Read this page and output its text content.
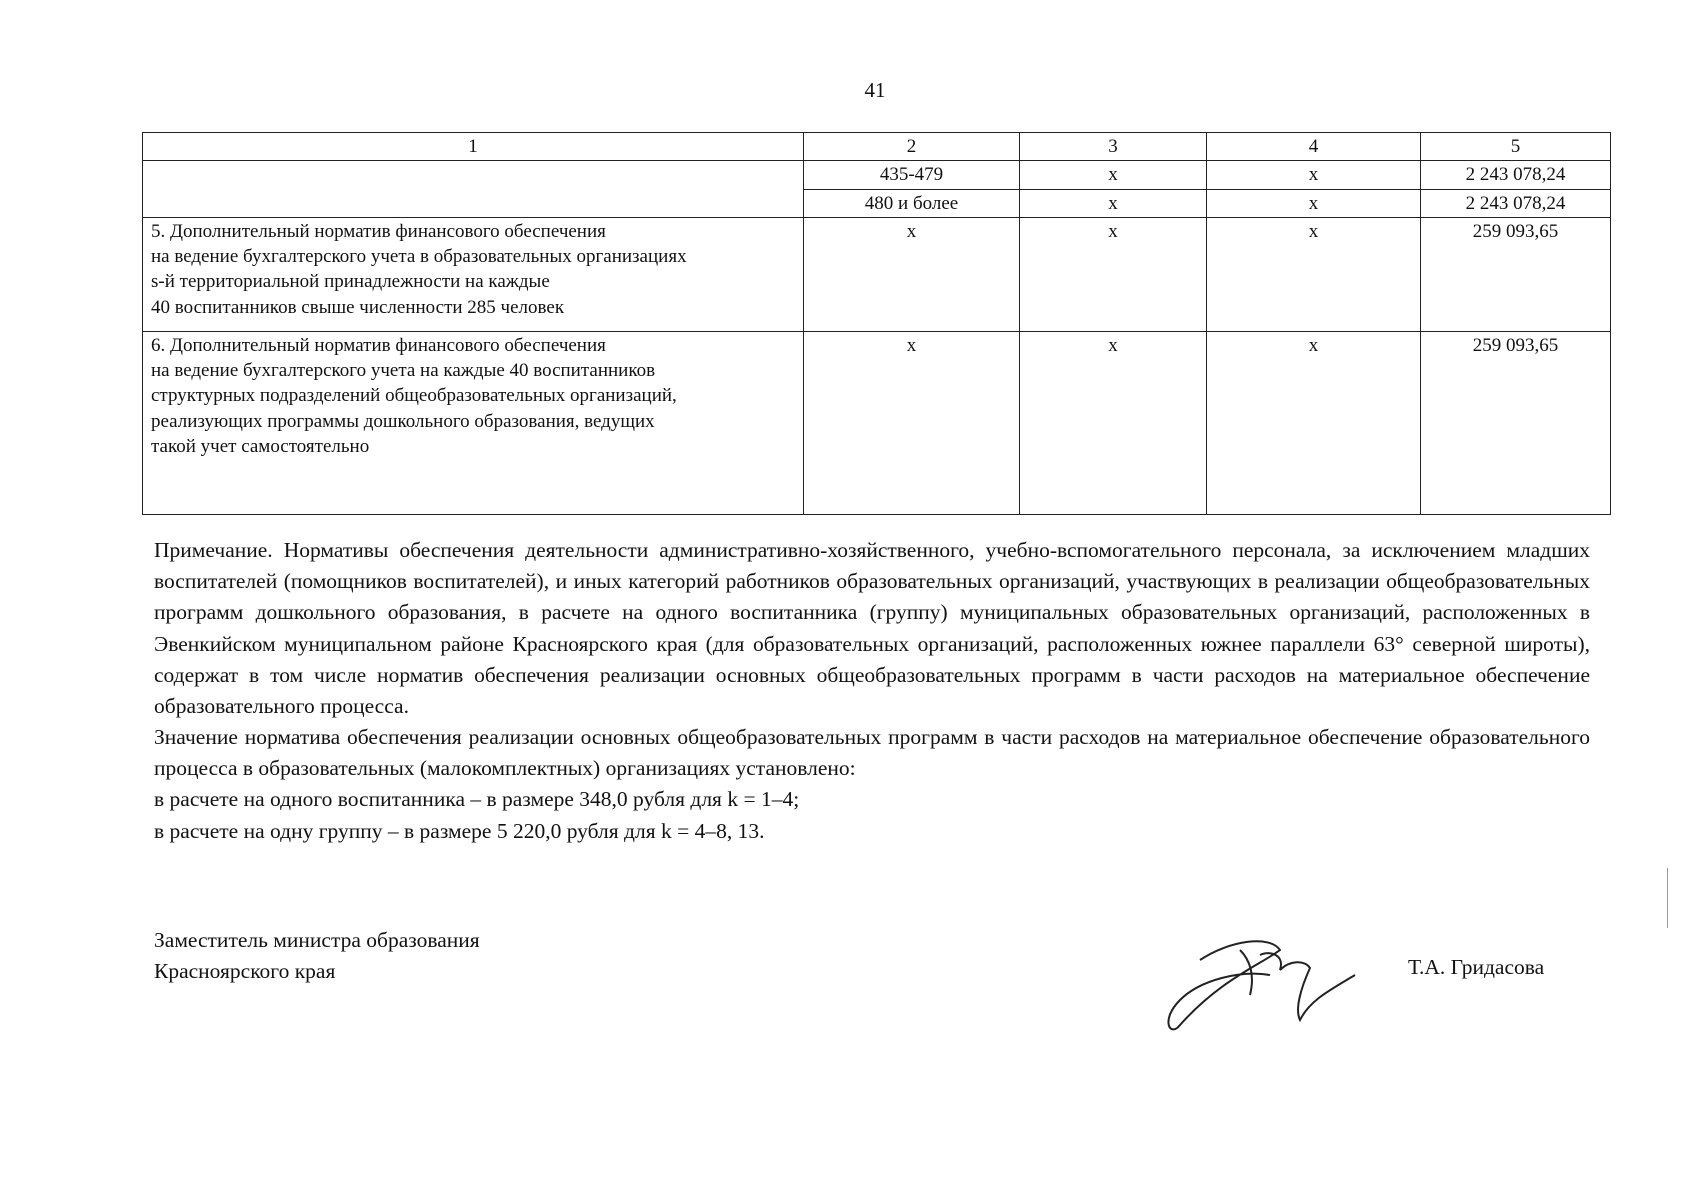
41
1	2	3	4	5
	435-479	x	x	2 243 078,24
	480 и более	x	x	2 243 078,24

5. Дополнительный норматив финансового обеспечения
на ведение бухгалтерского учета в образовательных организациях
s-й территориальной принадлежности на каждые
40 воспитанников свыше численности 285 человек	x	x	x	259 093,65

6. Дополнительный норматив финансового обеспечения
на ведение бухгалтерского учета на каждые 40 воспитанников
структурных подразделений общеобразовательных организаций,
реализующих программы дошкольного образования, ведущих
такой учет самостоятельно	x	x	x	259 093,65

Примечание. Нормативы обеспечения деятельности административно-хозяйственного, учебно-вспомогательного персонала, за исключением младших воспитателей (помощников воспитателей), и иных категорий работников образовательных организаций, участвующих в реализации общеобразовательных программ дошкольного образования, в расчете на одного воспитанника (группу) муниципальных образовательных организаций, расположенных в Эвенкийском муниципальном районе Красноярского края (для образовательных организаций, расположенных южнее параллели 63° северной широты), содержат в том числе норматив обеспечения реализации основных общеобразовательных программ в части расходов на материальное обеспечение образовательного процесса.

Значение норматива обеспечения реализации основных общеобразовательных программ в части расходов на материальное обеспечение образовательного процесса в образовательных (малокомплектных) организациях установлено:

в расчете на одного воспитанника – в размере 348,0 рубля для k = 1–4;
в расчете на одну группу – в размере 5 220,0 рубля для k = 4–8, 13.
Заместитель министра образования
Красноярского края	Т.А. Гридасова
